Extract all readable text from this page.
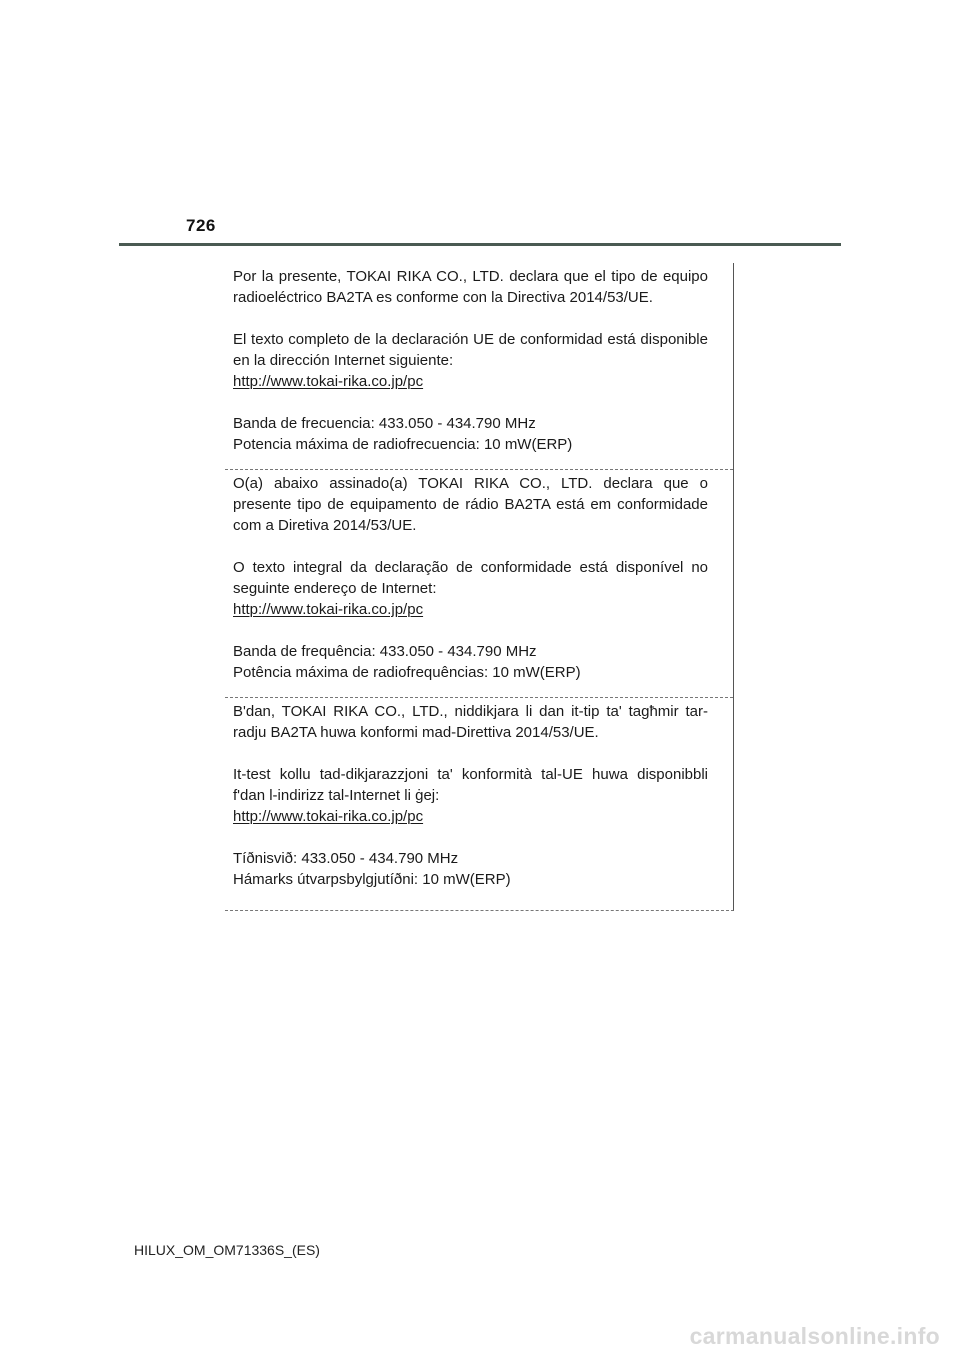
726

Por la presente, TOKAI RIKA CO., LTD. declara que el tipo de equipo radioeléctrico BA2TA es conforme con la Directiva 2014/53/UE.

El texto completo de la declaración UE de conformidad está disponible en la dirección Internet siguiente:

http://www.tokai-rika.co.jp/pc

Banda de frecuencia: 433.050 - 434.790 MHz

Potencia máxima de radiofrecuencia: 10 mW(ERP)

O(a) abaixo assinado(a) TOKAI RIKA CO., LTD. declara que o presente tipo de equipamento de rádio BA2TA está em conformidade com a Diretiva 2014/53/UE.

O texto integral da declaração de conformidade está disponível no seguinte endereço de Internet:

http://www.tokai-rika.co.jp/pc

Banda de frequência: 433.050 - 434.790 MHz

Potência máxima de radiofrequências: 10 mW(ERP)

B'dan, TOKAI RIKA CO., LTD., niddikjara li dan it-tip ta' tagħmir tar-radju BA2TA huwa konformi mad-Direttiva 2014/53/UE.

It-test kollu tad-dikjarazzjoni ta' konformità tal-UE huwa disponibbli f'dan l-indirizz tal-Internet li ġej:

http://www.tokai-rika.co.jp/pc

Tíðnisvið: 433.050 - 434.790 MHz

Hámarks útvarpsbylgjutíðni: 10 mW(ERP)

HILUX_OM_OM71336S_(ES)
carmanualsonline.info
